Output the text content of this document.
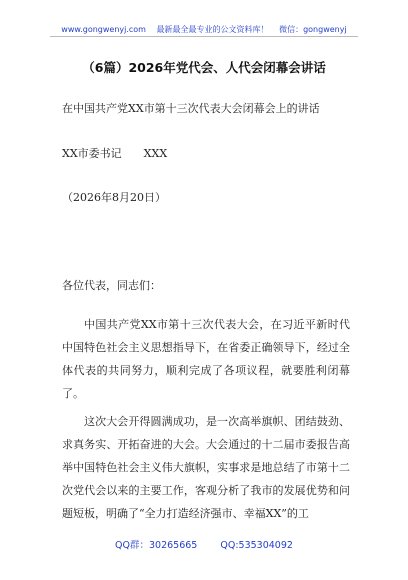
www.gongwenyj.com 最新最全最专业的公文资料库！ 微信：gongwenyj
（6篇）2026年党代会、人代会闭幕会讲话
在中国共产党XX市第十三次代表大会闭幕会上的讲话
XX市委书记　　XXX
（2026年8月20日）
各位代表，同志们：
中国共产党XX市第十三次代表大会，在习近平新时代中国特色社会主义思想指导下，在省委正确领导下，经过全体代表的共同努力，顺利完成了各项议程，就要胜利闭幕了。
这次大会开得圆满成功，是一次高举旗帜、团结鼓劲、求真务实、开拓奋进的大会。大会通过的十二届市委报告高举中国特色社会主义伟大旗帜，实事求是地总结了市第十二次党代会以来的主要工作，客观分析了我市的发展优势和问题短板，明确了“全力打造经济强市、幸福XX”的工
QQ群：30265665 QQ:535304092
